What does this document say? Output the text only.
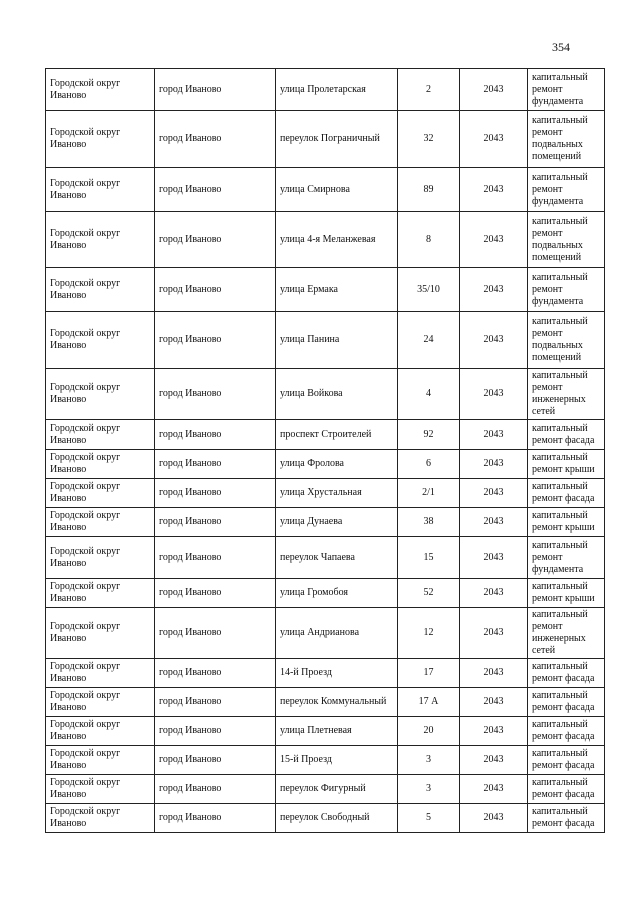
354
Городской округ Иваново	город Иваново	улица Пролетарская	2	2043	капитальный ремонт фундамента
Городской округ Иваново	город Иваново	переулок Пограничный	32	2043	капитальный ремонт подвальных помещений
Городской округ Иваново	город Иваново	улица Смирнова	89	2043	капитальный ремонт фундамента
Городской округ Иваново	город Иваново	улица 4-я Меланжевая	8	2043	капитальный ремонт подвальных помещений
Городской округ Иваново	город Иваново	улица Ермака	35/10	2043	капитальный ремонт фундамента
Городской округ Иваново	город Иваново	улица Панина	24	2043	капитальный ремонт подвальных помещений
Городской округ Иваново	город Иваново	улица Войкова	4	2043	капитальный ремонт инженерных сетей
Городской округ Иваново	город Иваново	проспект Строителей	92	2043	капитальный ремонт фасада
Городской округ Иваново	город Иваново	улица Фролова	6	2043	капитальный ремонт крыши
Городской округ Иваново	город Иваново	улица Хрустальная	2/1	2043	капитальный ремонт фасада
Городской округ Иваново	город Иваново	улица Дунаева	38	2043	капитальный ремонт крыши
Городской округ Иваново	город Иваново	переулок Чапаева	15	2043	капитальный ремонт фундамента
Городской округ Иваново	город Иваново	улица Громобоя	52	2043	капитальный ремонт крыши
Городской округ Иваново	город Иваново	улица Андрианова	12	2043	капитальный ремонт инженерных сетей
Городской округ Иваново	город Иваново	14-й Проезд	17	2043	капитальный ремонт фасада
Городской округ Иваново	город Иваново	переулок Коммунальный	17 А	2043	капитальный ремонт фасада
Городской округ Иваново	город Иваново	улица Плетневая	20	2043	капитальный ремонт фасада
Городской округ Иваново	город Иваново	15-й Проезд	3	2043	капитальный ремонт фасада
Городской округ Иваново	город Иваново	переулок Фигурный	3	2043	капитальный ремонт фасада
Городской округ Иваново	город Иваново	переулок Свободный	5	2043	капитальный ремонт фасада
